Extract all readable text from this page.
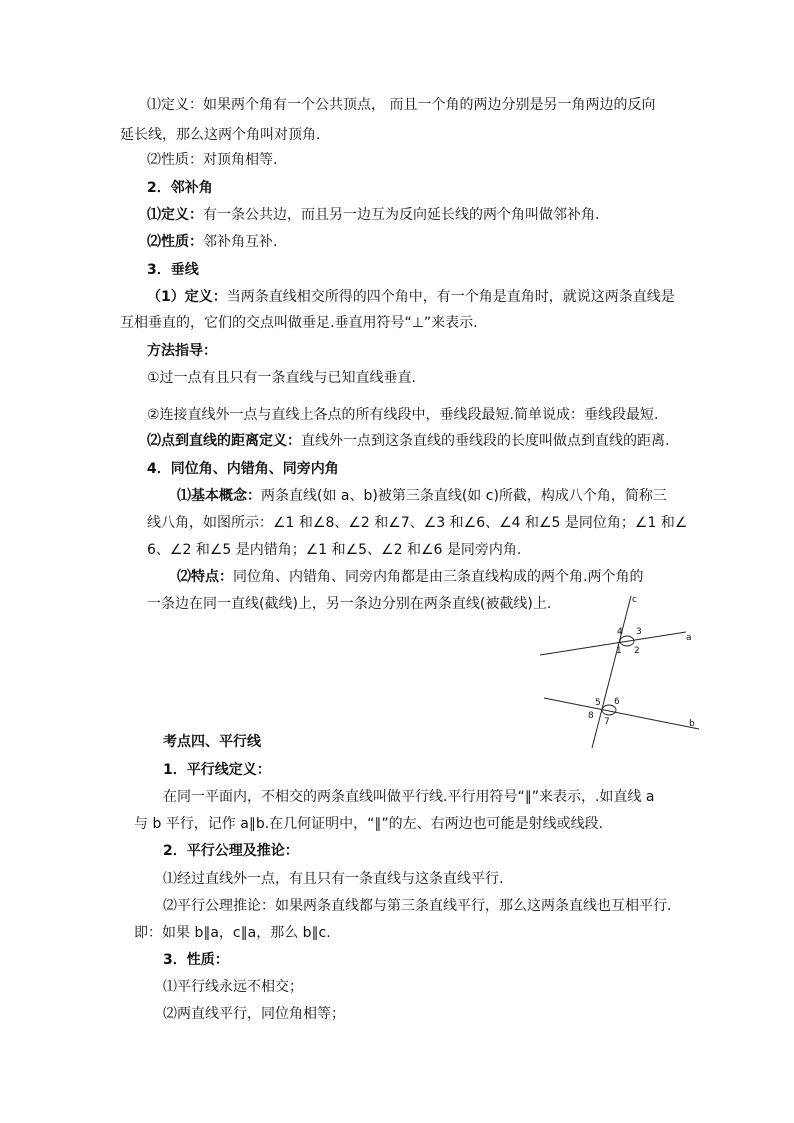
⑴定义：如果两个角有一个公共顶点， 而且一个角的两边分别是另一角两边的反向
延长线，那么这两个角叫对顶角.
⑵性质：对顶角相等.
2．邻补角
⑴定义：有一条公共边，而且另一边互为反向延长线的两个角叫做邻补角.
⑵性质：邻补角互补.
3．垂线
（1）定义：当两条直线相交所得的四个角中，有一个角是直角时，就说这两条直线是
互相垂直的，它们的交点叫做垂足.垂直用符号“⊥”来表示.
方法指导：
①过一点有且只有一条直线与已知直线垂直.
②连接直线外一点与直线上各点的所有线段中，垂线段最短.简单说成：垂线段最短.
⑵点到直线的距离定义：直线外一点到这条直线的垂线段的长度叫做点到直线的距离.
4．同位角、内错角、同旁内角
⑴基本概念：两条直线(如 a、b)被第三条直线(如 c)所截，构成八个角，简称三
线八角，如图所示：∠1 和∠8、∠2 和∠7、∠3 和∠6、∠4 和∠5 是同位角；∠1 和∠
6、∠2 和∠5 是内错角；∠1 和∠5、∠2 和∠6 是同旁内角.
⑵特点：同位角、内错角、同旁内角都是由三条直线构成的两个角.两个角的
一条边在同一直线(截线)上，另一条边分别在两条直线(被截线)上.	c
a
b
4 3
1 2
5 6
8
7
考点四、平行线
1．平行线定义：
在同一平面内，不相交的两条直线叫做平行线.平行用符号“∥”来表示，.如直线 a
与 b 平行，记作 a∥b.在几何证明中，“∥”的左、右两边也可能是射线或线段.
2．平行公理及推论：
⑴经过直线外一点，有且只有一条直线与这条直线平行.
⑵平行公理推论：如果两条直线都与第三条直线平行，那么这两条直线也互相平行.
即：如果 b∥a，c∥a，那么 b∥c.
3．性质：
⑴平行线永远不相交；
⑵两直线平行，同位角相等；
